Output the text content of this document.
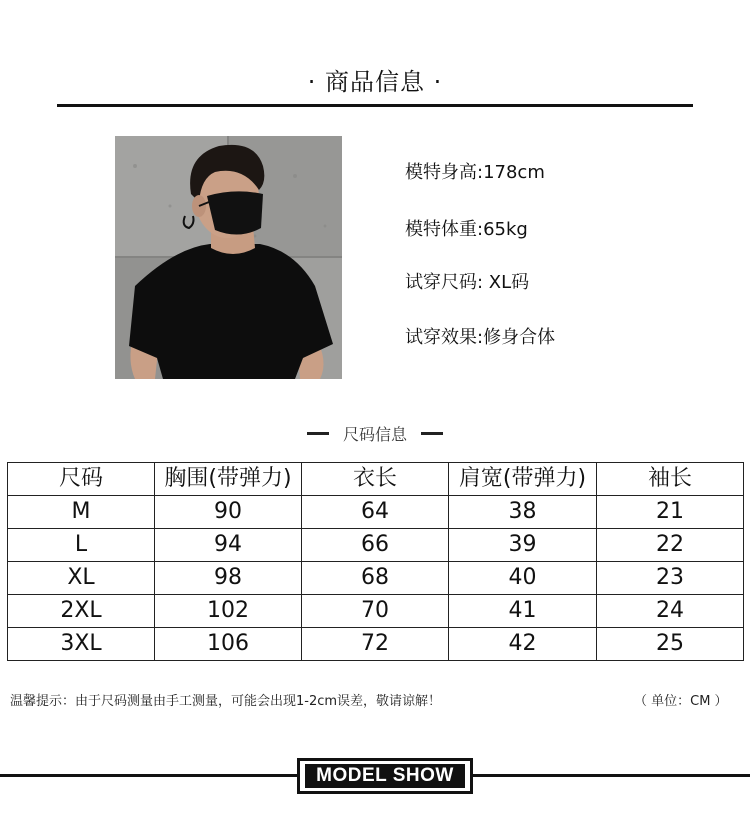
· 商品信息 ·
模特身高:178cm
模特体重:65kg
试穿尺码: XL码
试穿效果:修身合体
尺码信息
尺码	胸围(带弹力)	衣长	肩宽(带弹力)	袖长
M	90	64	38	21
L	94	66	39	22
XL	98	68	40	23
2XL	102	70	41	24
3XL	106	72	42	25
温馨提示：由于尺码测量由手工测量，可能会出现1-2cm误差，敬请谅解！	（ 单位：CM ）
MODEL SHOW
